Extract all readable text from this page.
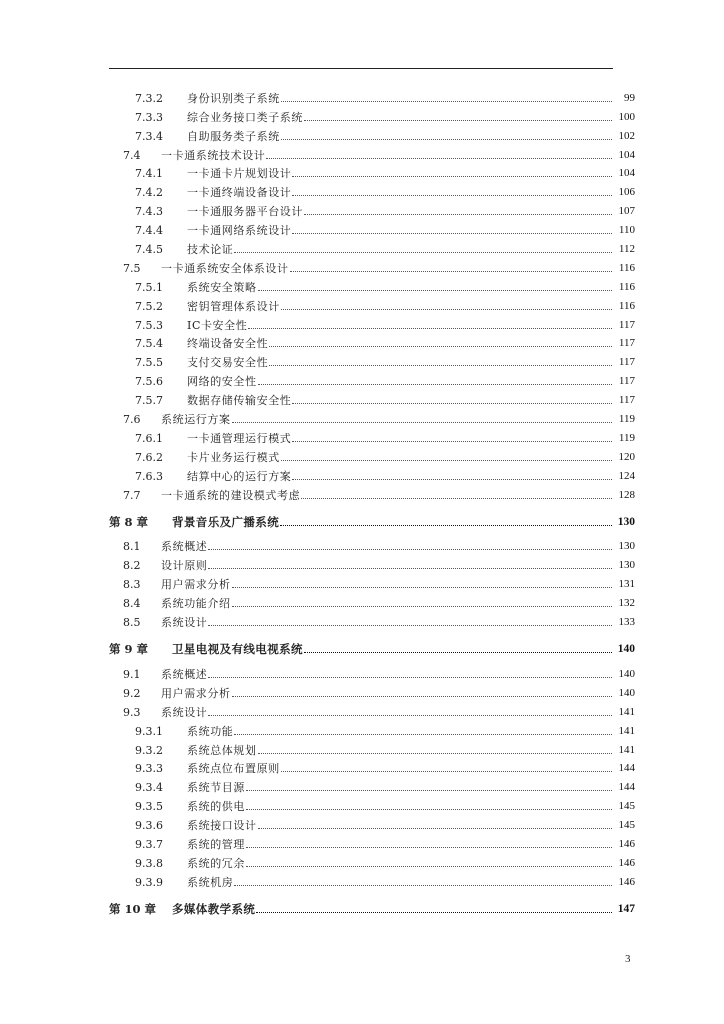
7.3.2	身份识别类子系统	99
7.3.3	综合业务接口类子系统	100
7.3.4	自助服务类子系统	102
7.4	一卡通系统技术设计	104
7.4.1	一卡通卡片规划设计	104
7.4.2	一卡通终端设备设计	106
7.4.3	一卡通服务器平台设计	107
7.4.4	一卡通网络系统设计	110
7.4.5	技术论证	112
7.5	一卡通系统安全体系设计	116
7.5.1	系统安全策略	116
7.5.2	密钥管理体系设计	116
7.5.3	IC卡安全性	117
7.5.4	终端设备安全性	117
7.5.5	支付交易安全性	117
7.5.6	网络的安全性	117
7.5.7	数据存储传输安全性	117
7.6	系统运行方案	119
7.6.1	一卡通管理运行模式	119
7.6.2	卡片业务运行模式	120
7.6.3	结算中心的运行方案	124
7.7	一卡通系统的建设模式考虑	128
第 8 章	背景音乐及广播系统	130
8.1	系统概述	130
8.2	设计原则	130
8.3	用户需求分析	131
8.4	系统功能介绍	132
8.5	系统设计	133
第 9 章	卫星电视及有线电视系统	140
9.1	系统概述	140
9.2	用户需求分析	140
9.3	系统设计	141
9.3.1	系统功能	141
9.3.2	系统总体规划	141
9.3.3	系统点位布置原则	144
9.3.4	系统节目源	144
9.3.5	系统的供电	145
9.3.6	系统接口设计	145
9.3.7	系统的管理	146
9.3.8	系统的冗余	146
9.3.9	系统机房	146
第 10 章	多媒体教学系统	147
3
